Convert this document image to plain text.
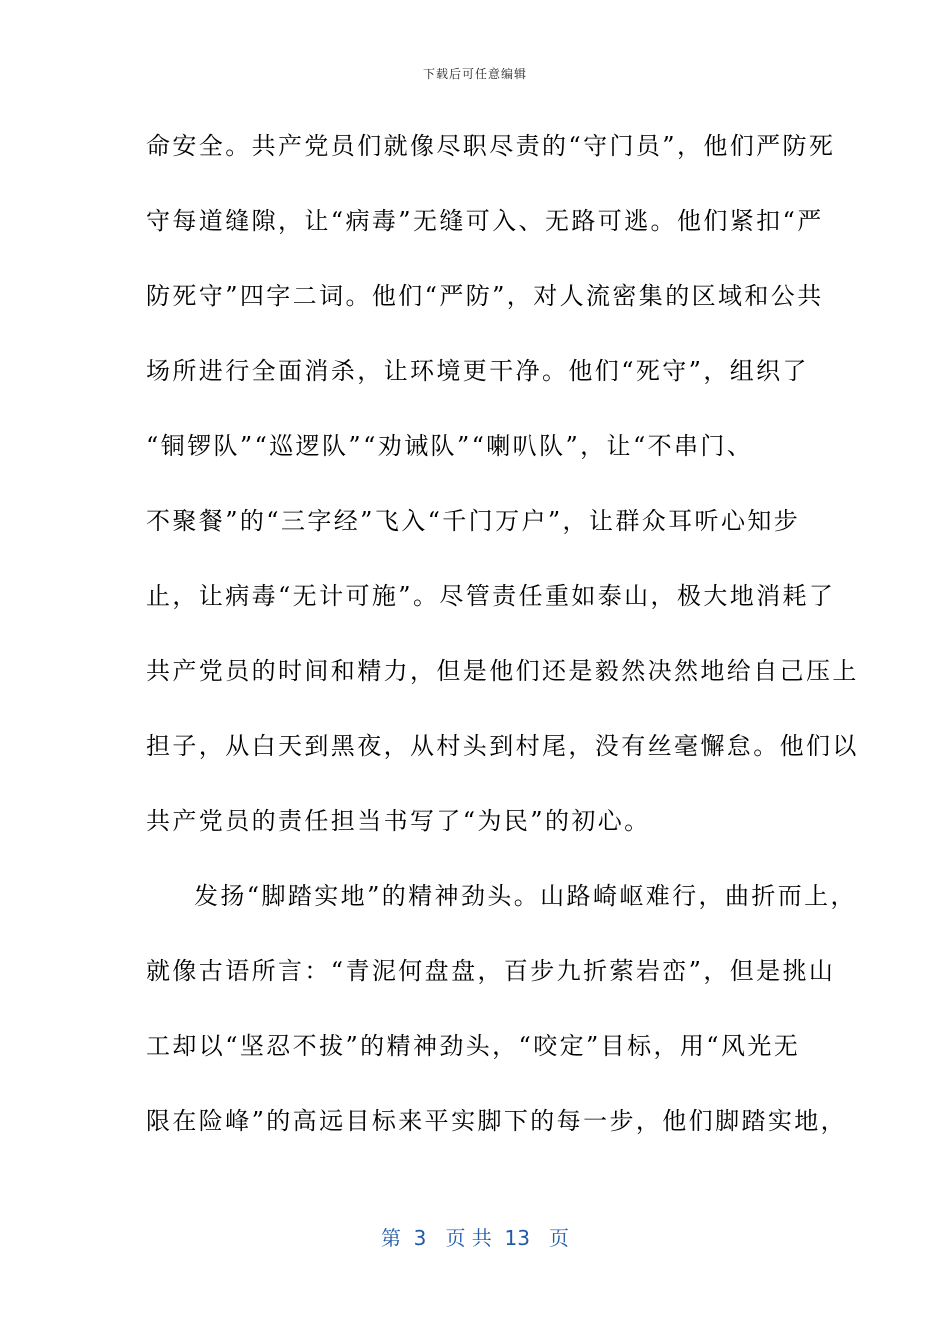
下载后可任意编辑
命安全。共产党员们就像尽职尽责的“守门员”，他们严防死
守每道缝隙，让“病毒”无缝可入、无路可逃。他们紧扣“严
防死守”四字二词。他们“严防”，对人流密集的区域和公共
场所进行全面消杀，让环境更干净。他们“死守”，组织了
“铜锣队”“巡逻队”“劝诫队”“喇叭队”，让“不串门、
不聚餐”的“三字经”飞入“千门万户”，让群众耳听心知步
止，让病毒“无计可施”。尽管责任重如泰山，极大地消耗了
共产党员的时间和精力，但是他们还是毅然决然地给自己压上
担子，从白天到黑夜，从村头到村尾，没有丝毫懈怠。他们以
共产党员的责任担当书写了“为民”的初心。
发扬“脚踏实地”的精神劲头。山路崎岖难行，曲折而上，
就像古语所言：“青泥何盘盘，百步九折萦岩峦”，但是挑山
工却以“坚忍不拔”的精神劲头，“咬定”目标，用“风光无
限在险峰”的高远目标来平实脚下的每一步，他们脚踏实地，
第  3   页 共  13   页
